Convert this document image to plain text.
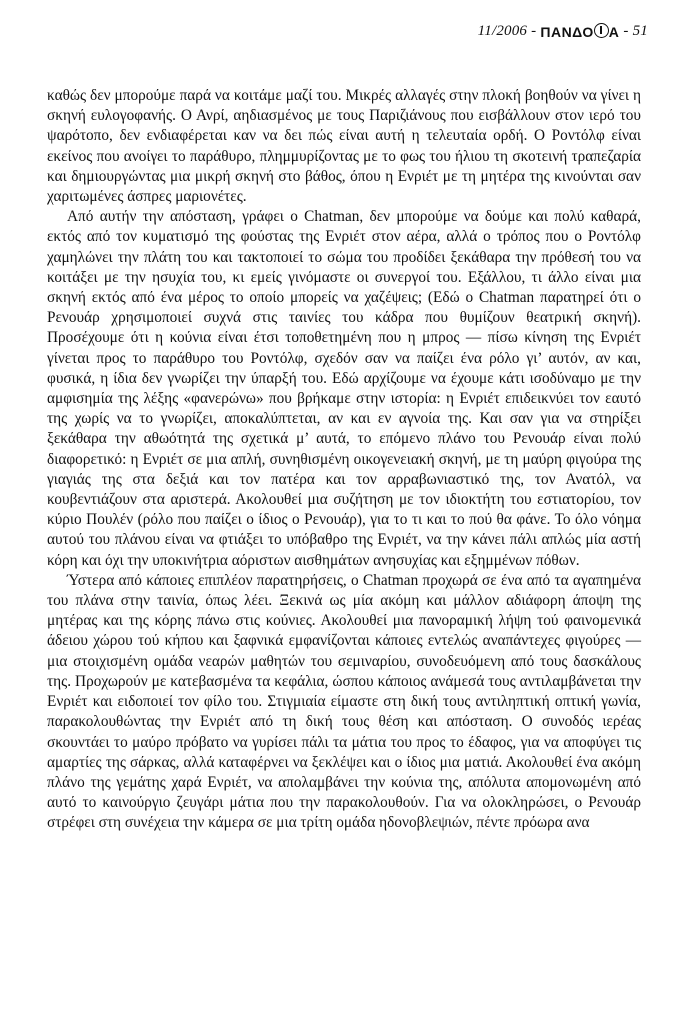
11/2006 - ΠΑΝΔΟ Α - 51

καθώς δεν μπορούμε παρά να κοιτάμε μαζί του. Μικρές αλλαγές στην πλοκή βοηθούν να γίνει η σκηνή ευλογοφανής. Ο Ανρί, αηδιασμένος με τους Παριζιάνους που εισβάλλουν στον ιερό του ψαρότοπο, δεν ενδιαφέρεται καν να δει πώς είναι αυτή η τελευταία ορδή. Ο Ροντόλφ είναι εκείνος που ανοίγει το παράθυρο, πλημμυρίζοντας με το φως του ήλιου τη σκοτεινή τραπεζαρία και δημιουργώντας μια μικρή σκηνή στο βάθος, όπου η Ενριέτ με τη μητέρα της κινούνται σαν χαριτωμένες άσπρες μαριονέτες.

Από αυτήν την απόσταση, γράφει ο Chatman, δεν μπορούμε να δούμε και πολύ καθαρά, εκτός από τον κυματισμό της φούστας της Ενριέτ στον αέρα, αλλά ο τρόπος που ο Ροντόλφ χαμηλώνει την πλάτη του και τακτοποιεί το σώμα του προδίδει ξεκάθαρα την πρόθεσή του να κοιτάξει με την ησυχία του, κι εμείς γινόμαστε οι συνεργοί του. Εξάλλου, τι άλλο είναι μια σκηνή εκτός από ένα μέρος το οποίο μπορείς να χαζέψεις; (Εδώ ο Chatman παρατηρεί ότι ο Ρενουάρ χρησιμοποιεί συχνά στις ταινίες του κάδρα που θυμίζουν θεατρική σκηνή). Προσέχουμε ότι η κούνια είναι έτσι τοποθετημένη που η μπρος — πίσω κίνηση της Ενριέτ γίνεται προς το παράθυρο του Ροντόλφ, σχεδόν σαν να παίζει ένα ρόλο γι’ αυτόν, αν και, φυσικά, η ίδια δεν γνωρίζει την ύπαρξή του. Εδώ αρχίζουμε να έχουμε κάτι ισοδύναμο με την αμφισημία της λέξης «φανερώνω» που βρήκαμε στην ιστορία: η Ενριέτ επιδεικνύει τον εαυτό της χωρίς να το γνωρίζει, αποκαλύπτεται, αν και εν αγνοία της. Και σαν για να στηρίξει ξεκάθαρα την αθωότητά της σχετικά μ’ αυτά, το επόμενο πλάνο του Ρενουάρ είναι πολύ διαφορετικό: η Ενριέτ σε μια απλή, συνηθισμένη οικογενειακή σκηνή, με τη μαύρη φιγούρα της γιαγιάς της στα δεξιά και τον πατέρα και τον αρραβωνιαστικό της, τον Ανατόλ, να κουβεντιάζουν στα αριστερά. Ακολουθεί μια συζήτηση με τον ιδιοκτήτη του εστιατορίου, τον κύριο Πουλέν (ρόλο που παίζει ο ίδιος ο Ρενουάρ), για το τι και το πού θα φάνε. Το όλο νόημα αυτού του πλάνου είναι να φτιάξει το υπόβαθρο της Ενριέτ, να την κάνει πάλι απλώς μία αστή κόρη και όχι την υποκινήτρια αόριστων αισθημάτων ανησυχίας και εξημμένων πόθων.

Ύστερα από κάποιες επιπλέον παρατηρήσεις, ο Chatman προχωρά σε ένα από τα αγαπημένα του πλάνα στην ταινία, όπως λέει. Ξεκινά ως μία ακόμη και μάλλον αδιάφορη άποψη της μητέρας και της κόρης πάνω στις κούνιες. Ακολουθεί μια πανοραμική λήψη τού φαινομενικά άδειου χώρου τού κήπου και ξαφνικά εμφανίζονται κάποιες εντελώς αναπάντεχες φιγούρες — μια στοιχισμένη ομάδα νεαρών μαθητών του σεμιναρίου, συνοδευόμενη από τους δασκάλους της. Προχωρούν με κατεβασμένα τα κεφάλια, ώσπου κάποιος ανάμεσά τους αντιλαμβάνεται την Ενριέτ και ειδοποιεί τον φίλο του. Στιγμιαία είμαστε στη δική τους αντιληπτική οπτική γωνία, παρακολουθώντας την Ενριέτ από τη δική τους θέση και απόσταση. Ο συνοδός ιερέας σκουντάει το μαύρο πρόβατο να γυρίσει πάλι τα μάτια του προς το έδαφος, για να αποφύγει τις αμαρτίες της σάρκας, αλλά καταφέρνει να ξεκλέψει και ο ίδιος μια ματιά. Ακολουθεί ένα ακόμη πλάνο της γεμάτης χαρά Ενριέτ, να απολαμβάνει την κούνια της, απόλυτα απομονωμένη από αυτό το καινούργιο ζευγάρι μάτια που την παρακολουθούν. Για να ολοκληρώσει, ο Ρενουάρ στρέφει στη συνέχεια την κάμερα σε μια τρίτη ομάδα ηδονοβλεψιών, πέντε πρόωρα ανα
